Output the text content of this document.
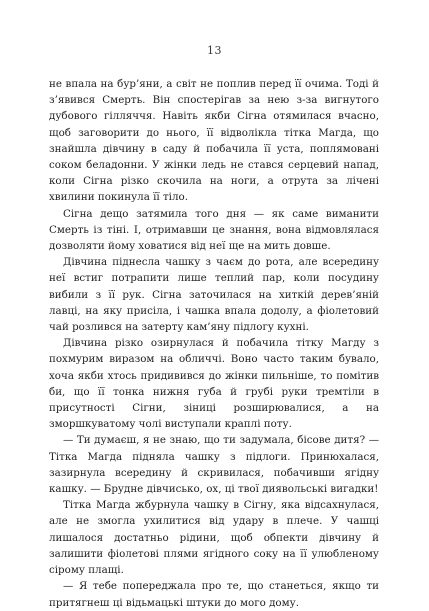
13

не впала на бур’яни, а світ не поплив перед її очима. Тоді й з’явився Смерть. Він спостерігав за нею з-за вигнутого дубового гілляччя. Навіть якби Сігна отямилася вчасно, щоб заговорити до нього, її відволікла тітка Магда, що знайшла дівчину в саду й побачила її уста, поплямовані соком беладонни. У жінки ледь не стався серцевий напад, коли Сігна різко скочила на ноги, а отрута за лічені хвилини покинула її тіло.

Сігна дещо затямила того дня — як саме виманити Смерть із тіні. І, отримавши це знання, вона відмовлялася дозволяти йому ховатися від неї ще на мить довше.

Дівчина піднесла чашку з чаєм до рота, але всередину неї встиг потрапити лише теплий пар, коли посудину вибили з її рук. Сігна заточилася на хиткій дерев’яній лавці, на яку присіла, і чашка впала додолу, а фіолетовий чай розлився на затерту кам’яну підлогу кухні.

Дівчина різко озирнулася й побачила тітку Магду з похмурим виразом на обличчі. Воно часто таким бувало, хоча якби хтось придивився до жінки пильніше, то помітив би, що її тонка нижня губа й грубі руки тремтіли в присутності Сігни, зіниці розширювалися, а на зморшкуватому чолі виступали краплі поту.

— Ти думаєш, я не знаю, що ти задумала, бісове дитя? — Тітка Магда підняла чашку з підлоги. Принюхалася, зазирнула всередину й скривилася, побачивши ягідну кашку. — Брудне дівчисько, ох, ці твої диявольські вигадки!

Тітка Магда жбурнула чашку в Сігну, яка відсахнулася, але не змогла ухилитися від удару в плече. У чашці лишалося достатньо рідини, щоб обпекти дівчину й залишити фіолетові плями ягідного соку на її улюбленому сірому плащі.

— Я тебе попереджала про те, що станеться, якщо ти притягнеш ці відьмацькі штуки до мого дому.
